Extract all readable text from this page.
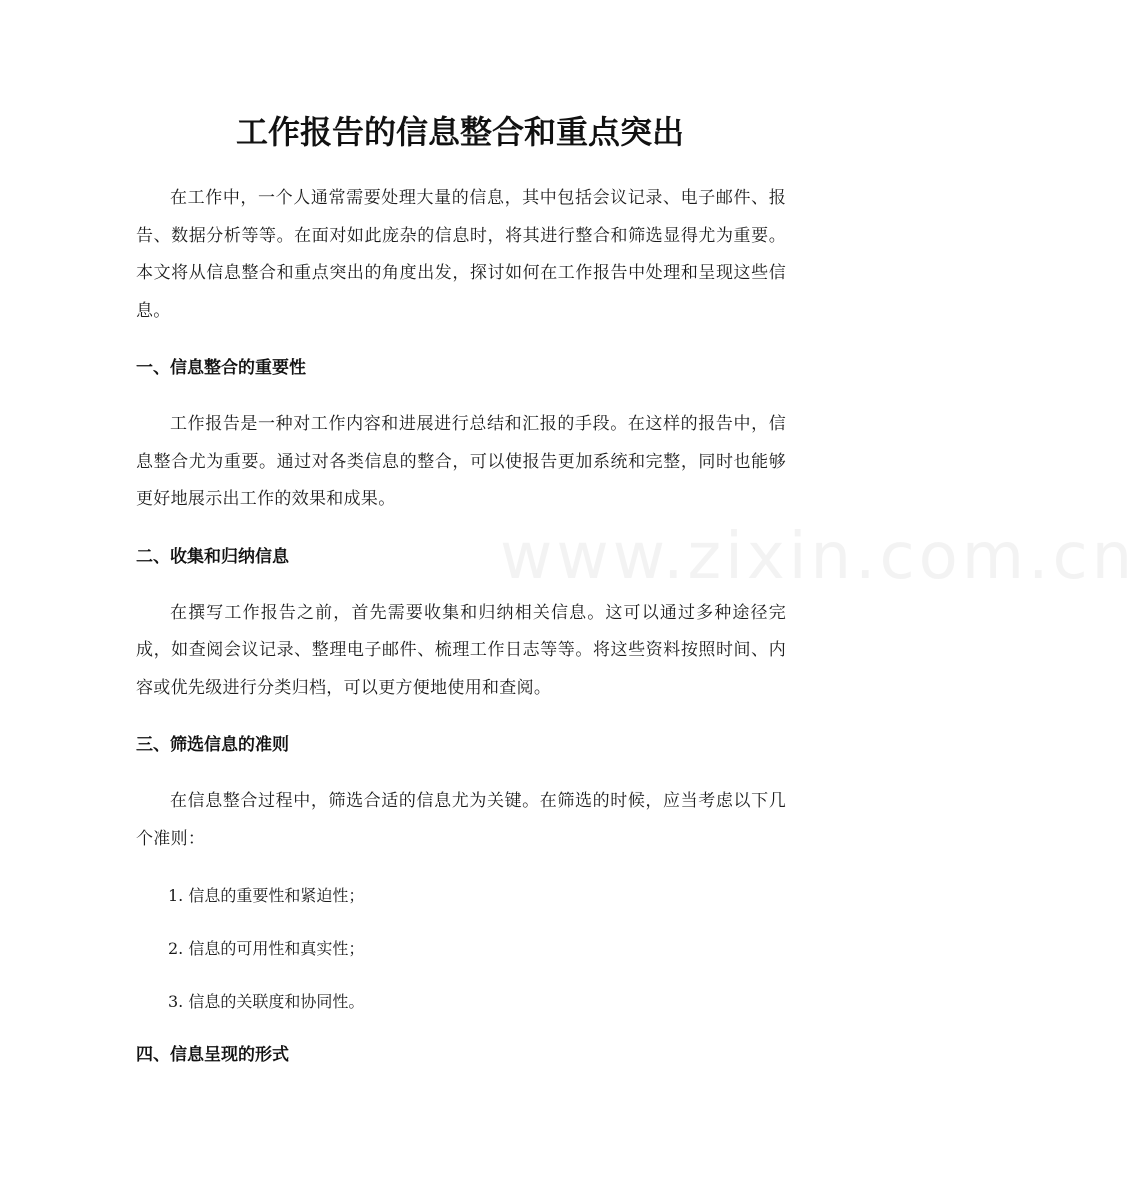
工作报告的信息整合和重点突出

在工作中，一个人通常需要处理大量的信息，其中包括会议记录、电子邮件、报告、数据分析等等。在面对如此庞杂的信息时，将其进行整合和筛选显得尤为重要。本文将从信息整合和重点突出的角度出发，探讨如何在工作报告中处理和呈现这些信息。

一、信息整合的重要性

工作报告是一种对工作内容和进展进行总结和汇报的手段。在这样的报告中，信息整合尤为重要。通过对各类信息的整合，可以使报告更加系统和完整，同时也能够更好地展示出工作的效果和成果。

二、收集和归纳信息

在撰写工作报告之前，首先需要收集和归纳相关信息。这可以通过多种途径完成，如查阅会议记录、整理电子邮件、梳理工作日志等等。将这些资料按照时间、内容或优先级进行分类归档，可以更方便地使用和查阅。

三、筛选信息的准则

在信息整合过程中，筛选合适的信息尤为关键。在筛选的时候，应当考虑以下几个准则：

1. 信息的重要性和紧迫性；

2. 信息的可用性和真实性；

3. 信息的关联度和协同性。

四、信息呈现的形式
www.zixin.com.cn
